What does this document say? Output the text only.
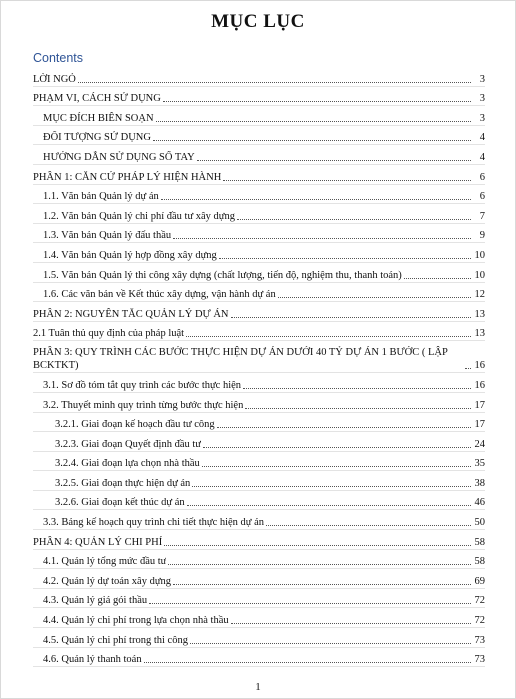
MỤC LỤC
Contents
LỜI NGỎ	3
PHẠM VI, CÁCH SỬ DỤNG	3
MỤC ĐÍCH BIÊN SOẠN	3
ĐỐI TƯỢNG SỬ DỤNG	4
HƯỚNG DẪN SỬ DỤNG SỔ TAY	4
PHẦN 1: CĂN CỨ PHÁP LÝ HIỆN HÀNH	6
1.1. Văn bản Quản lý dự án	6
1.2. Văn bản Quản lý chi phí đầu tư xây dựng	7
1.3. Văn bản Quản lý đấu thầu	9
1.4. Văn bản Quản lý hợp đồng xây dựng	10
1.5. Văn bản Quản lý thi công xây dựng (chất lượng, tiến độ, nghiệm thu, thanh toán)	10
1.6. Các văn bản về Kết thúc xây dựng, vận hành dự án	12
PHẦN 2: NGUYÊN TẮC QUẢN LÝ DỰ ÁN	13
2.1 Tuân thủ quy định của pháp luật	13
PHẦN 3: QUY TRÌNH CÁC BƯỚC THỰC HIỆN DỰ ÁN DƯỚI 40 TỶ DỰ ÁN 1 BƯỚC ( LẬP BCKTKT)	16
3.1. Sơ đồ tóm tắt quy trình các bước thực hiện	16
3.2. Thuyết minh quy trình từng bước thực hiện	17
3.2.1. Giai đoạn kế hoạch đầu tư công	17
3.2.3. Giai đoạn Quyết định đầu tư	24
3.2.4. Giai đoạn lựa chọn nhà thầu	35
3.2.5. Giai đoạn thực hiện dự án	38
3.2.6. Giai đoạn kết thúc dự án	46
3.3. Bảng kế hoạch quy trình chi tiết thực hiện dự án	50
PHẦN 4: QUẢN LÝ CHI PHÍ	58
4.1. Quản lý tổng mức đầu tư	58
4.2. Quản lý dự toán xây dựng	69
4.3. Quản lý giá gói thầu	72
4.4. Quản lý chi phí trong lựa chọn nhà thầu	72
4.5. Quản lý chi phí trong thi công	73
4.6. Quản lý thanh toán	73
1
